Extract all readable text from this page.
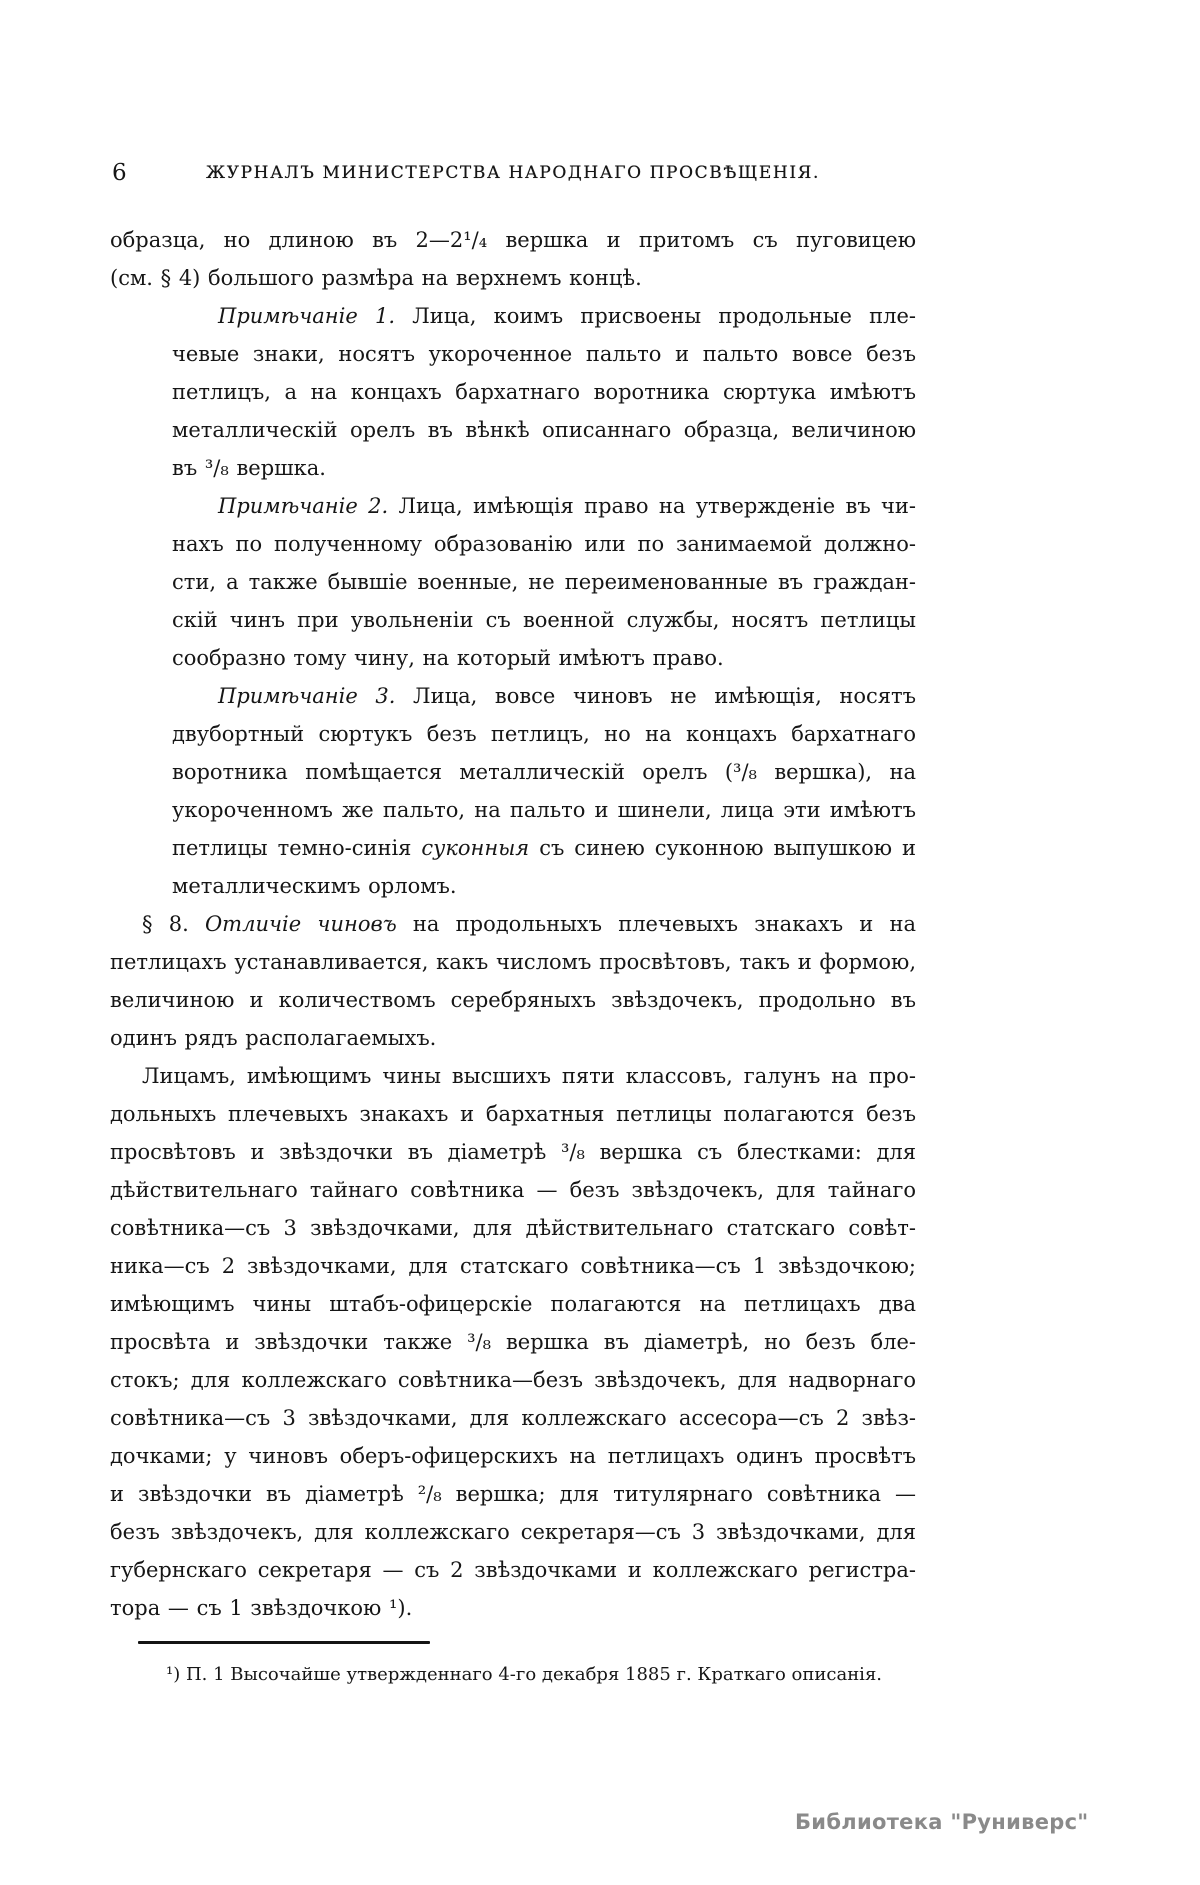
6	ЖУРНАЛЪ МИНИСТЕРСТВА НАРОДНАГО ПРОСВѢЩЕНІЯ.
образца, но длиною въ 2—2¹/₄ вершка и притомъ съ пуговицею
(см. § 4) большого размѣра на верхнемъ концѣ.
Примѣчаніе 1. Лица, коимъ присвоены продольные пле-
чевые знаки, носятъ укороченное пальто и пальто вовсе безъ
петлицъ, а на концахъ бархатнаго воротника сюртука имѣютъ
металлическій орелъ въ вѣнкѣ описаннаго образца, величиною
въ ³/₈ вершка.
Примѣчаніе 2. Лица, имѣющія право на утвержденіе въ чи-
нахъ по полученному образованію или по занимаемой должно-
сти, а также бывшіе военные, не переименованные въ граждан-
скій чинъ при увольненіи съ военной службы, носятъ петлицы
сообразно тому чину, на который имѣютъ право.
Примѣчаніе 3. Лица, вовсе чиновъ не имѣющія, носятъ
двубортный сюртукъ безъ петлицъ, но на концахъ бархатнаго
воротника помѣщается металлическій орелъ (³/₈ вершка), на
укороченномъ же пальто, на пальто и шинели, лица эти имѣютъ
петлицы темно-синія суконныя съ синею суконною выпушкою и
металлическимъ орломъ.
§ 8. Отличіе чиновъ на продольныхъ плечевыхъ знакахъ и на
петлицахъ устанавливается, какъ числомъ просвѣтовъ, такъ и формою,
величиною и количествомъ серебряныхъ звѣздочекъ, продольно въ
одинъ рядъ располагаемыхъ.
Лицамъ, имѣющимъ чины высшихъ пяти классовъ, галунъ на про-
дольныхъ плечевыхъ знакахъ и бархатныя петлицы полагаются безъ
просвѣтовъ и звѣздочки въ діаметрѣ ³/₈ вершка съ блестками: для
дѣйствительнаго тайнаго совѣтника — безъ звѣздочекъ, для тайнаго
совѣтника—съ 3 звѣздочками, для дѣйствительнаго статскаго совѣт-
ника—съ 2 звѣздочками, для статскаго совѣтника—съ 1 звѣздочкою;
имѣющимъ чины штабъ-офицерскіе полагаются на петлицахъ два
просвѣта и звѣздочки также ³/₈ вершка въ діаметрѣ, но безъ бле-
стокъ; для коллежскаго совѣтника—безъ звѣздочекъ, для надворнаго
совѣтника—съ 3 звѣздочками, для коллежскаго ассесора—съ 2 звѣз-
дочками; у чиновъ оберъ-офицерскихъ на петлицахъ одинъ просвѣтъ
и звѣздочки въ діаметрѣ ²/₈ вершка; для титулярнаго совѣтника —
безъ звѣздочекъ, для коллежскаго секретаря—съ 3 звѣздочками, для
губернскаго секретаря — съ 2 звѣздочками и коллежскаго регистра-
тора — съ 1 звѣздочкою ¹).
¹) П. 1 Высочайше утвержденнаго 4-го декабря 1885 г. Краткаго описанія.
Библиотека "Руниверс"
